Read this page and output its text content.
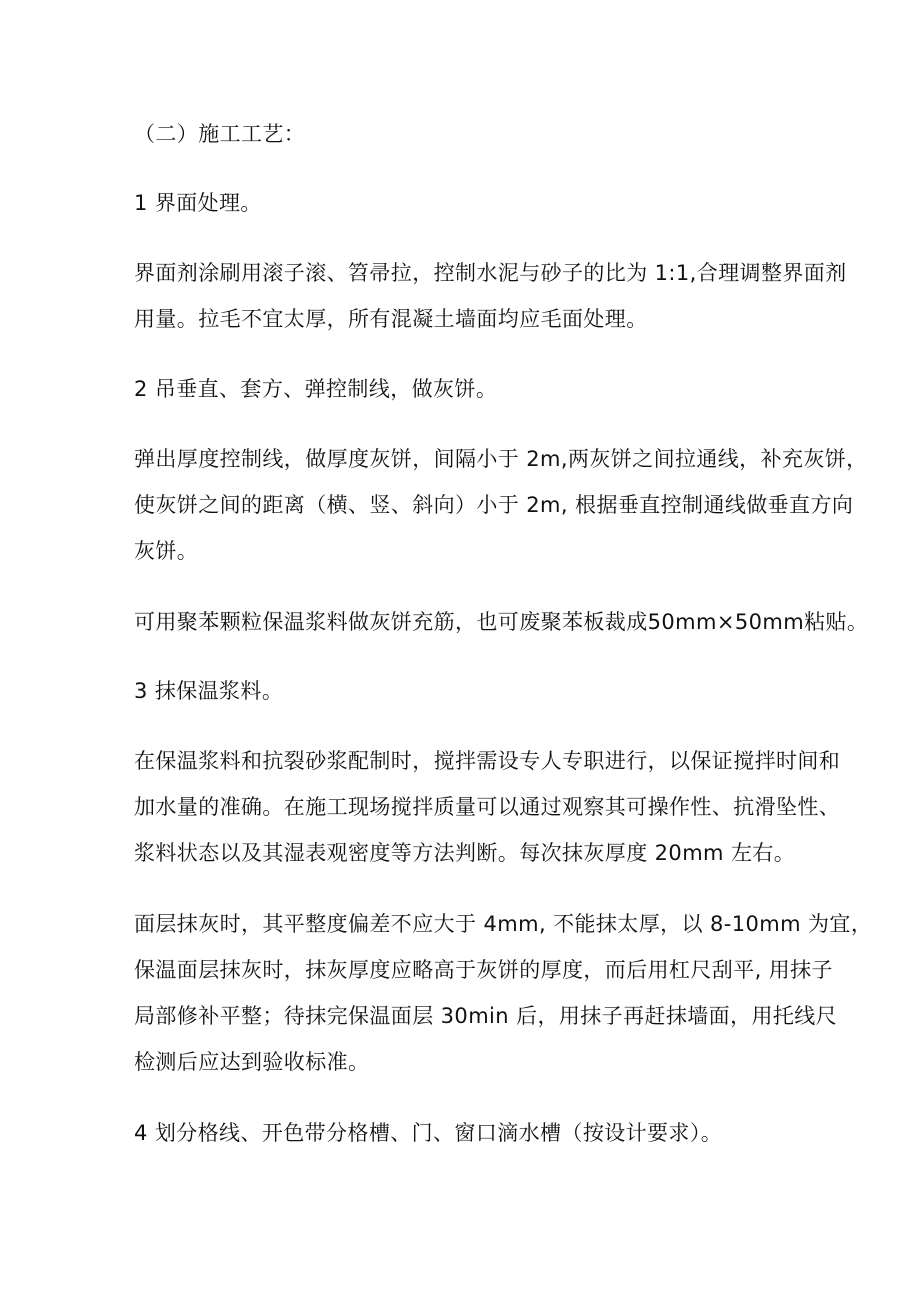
（二）施工工艺：

1 界面处理。

界面剂涂刷用滚子滚、笤帚拉，控制水泥与砂子的比为 1:1,合理调整界面剂
用量。拉毛不宜太厚，所有混凝土墙面均应毛面处理。

2 吊垂直、套方、弹控制线，做灰饼。

弹出厚度控制线，做厚度灰饼，间隔小于 2m,两灰饼之间拉通线，补充灰饼，
使灰饼之间的距离（横、竖、斜向）小于 2m, 根据垂直控制通线做垂直方向
灰饼。

可用聚苯颗粒保温浆料做灰饼充筋，也可废聚苯板裁成50mm×50mm粘贴。

3 抹保温浆料。

在保温浆料和抗裂砂浆配制时，搅拌需设专人专职进行，以保证搅拌时间和
加水量的准确。在施工现场搅拌质量可以通过观察其可操作性、抗滑坠性、
浆料状态以及其湿表观密度等方法判断。每次抹灰厚度 20mm 左右。

面层抹灰时，其平整度偏差不应大于 4mm, 不能抹太厚，以 8-10mm 为宜，
保温面层抹灰时，抹灰厚度应略高于灰饼的厚度，而后用杠尺刮平, 用抹子
局部修补平整；待抹完保温面层 30min 后，用抹子再赶抹墙面，用托线尺
检测后应达到验收标准。

4 划分格线、开色带分格槽、门、窗口滴水槽（按设计要求）。
